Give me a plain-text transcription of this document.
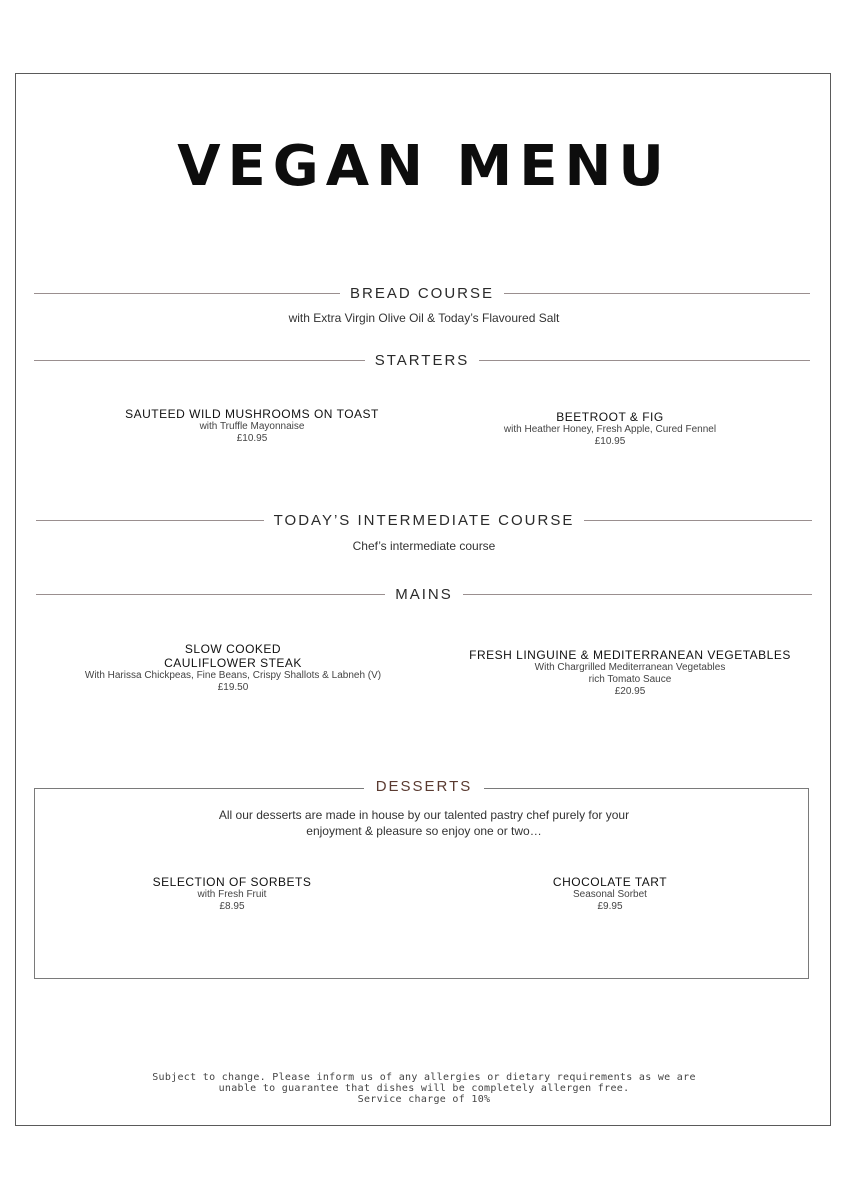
VEGAN MENU
BREAD COURSE
with Extra Virgin Olive Oil & Today’s Flavoured Salt
STARTERS
SAUTEED WILD MUSHROOMS ON TOAST
with Truffle Mayonnaise
£10.95
BEETROOT & FIG
with Heather Honey, Fresh Apple, Cured Fennel
£10.95
TODAY’S INTERMEDIATE COURSE
Chef’s intermediate course
MAINS
SLOW COOKED
CAULIFLOWER STEAK
With Harissa Chickpeas, Fine Beans, Crispy Shallots & Labneh (V)
£19.50
FRESH LINGUINE & MEDITERRANEAN VEGETABLES
With Chargrilled Mediterranean Vegetables
rich Tomato Sauce
£20.95
DESSERTS
All our desserts are made in house by our talented pastry chef purely for your
enjoyment & pleasure so enjoy one or two…
SELECTION OF SORBETS
with Fresh Fruit
£8.95
CHOCOLATE TART
Seasonal Sorbet
£9.95
Subject to change. Please inform us of any allergies or dietary requirements as we are
unable to guarantee that dishes will be completely allergen free.
Service charge of 10%
